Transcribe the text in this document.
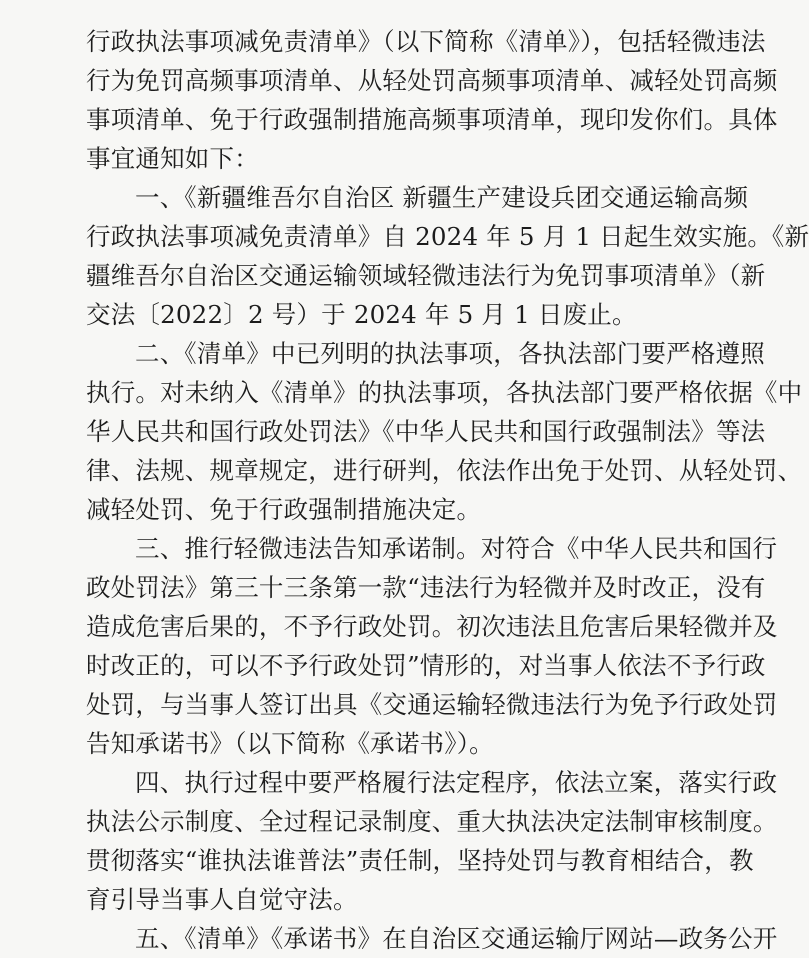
行政执法事项减免责清单》（以下简称《清单》），包括轻微违法
行为免罚高频事项清单、从轻处罚高频事项清单、减轻处罚高频
事项清单、免于行政强制措施高频事项清单，现印发你们。具体
事宜通知如下：
一、《新疆维吾尔自治区 新疆生产建设兵团交通运输高频
行政执法事项减免责清单》自 2024 年 5 月 1 日起生效实施。《新
疆维吾尔自治区交通运输领域轻微违法行为免罚事项清单》（新
交法〔2022〕2 号）于 2024 年 5 月 1 日废止。
二、《清单》中已列明的执法事项，各执法部门要严格遵照
执行。对未纳入《清单》的执法事项，各执法部门要严格依据《中
华人民共和国行政处罚法》《中华人民共和国行政强制法》等法
律、法规、规章规定，进行研判，依法作出免于处罚、从轻处罚、
减轻处罚、免于行政强制措施决定。
三、推行轻微违法告知承诺制。对符合《中华人民共和国行
政处罚法》第三十三条第一款“违法行为轻微并及时改正，没有
造成危害后果的，不予行政处罚。初次违法且危害后果轻微并及
时改正的，可以不予行政处罚”情形的，对当事人依法不予行政
处罚，与当事人签订出具《交通运输轻微违法行为免予行政处罚
告知承诺书》（以下简称《承诺书》）。
四、执行过程中要严格履行法定程序，依法立案，落实行政
执法公示制度、全过程记录制度、重大执法决定法制审核制度。
贯彻落实“谁执法谁普法”责任制，坚持处罚与教育相结合，教
育引导当事人自觉守法。
五、《清单》《承诺书》在自治区交通运输厅网站—政务公开
